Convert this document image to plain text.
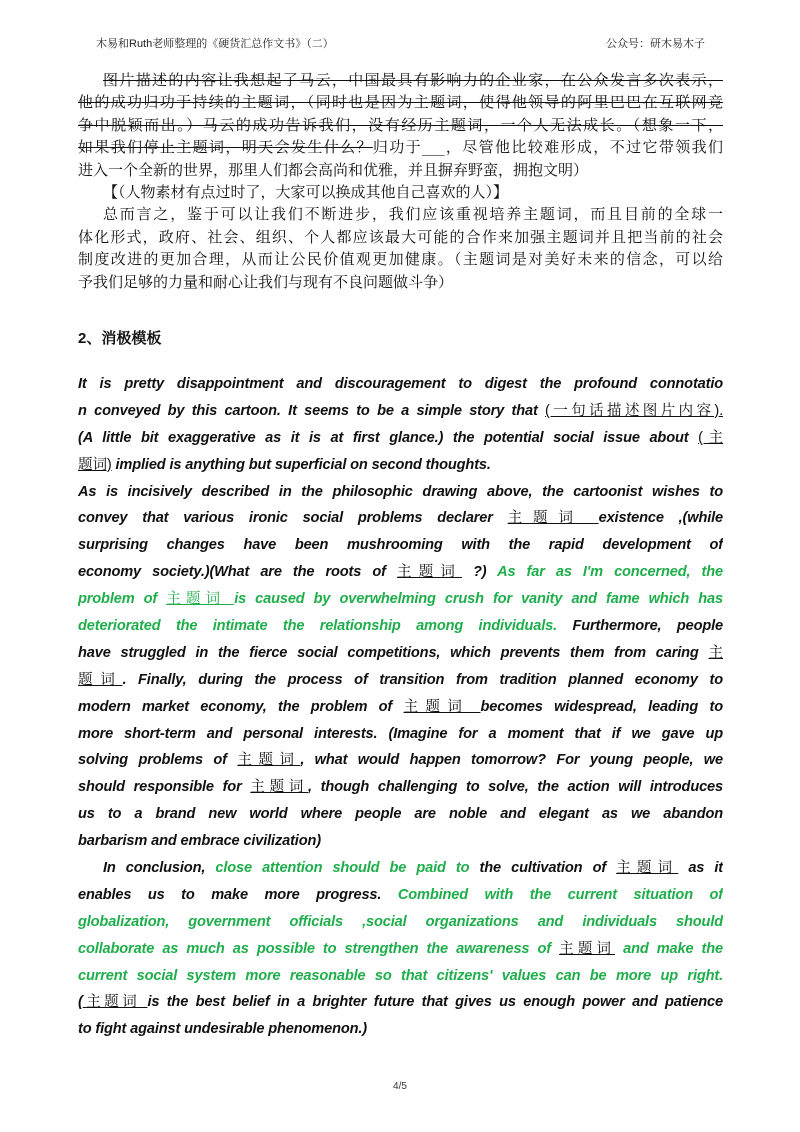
木易和Ruth老师整理的《硬货汇总作文书》（二）	公众号：研木易木子
图片描述的内容让我想起了马云，中国最具有影响力的企业家，在公众发言多次表示，
他的成功归功于持续的主题词，（同时也是因为主题词，使得他领导的阿里巴巴在互联网竞
争中脱颖而出。）马云的成功告诉我们，没有经历主题词，一个人无法成长。（想象一下，
如果我们停止主题词，明天会发生什么？归功于___，尽管他比较难形成，不过它带领我们
进入一个全新的世界，那里人们都会高尚和优雅，并且摒弃野蛮，拥抱文明）
【（人物素材有点过时了，大家可以换成其他自己喜欢的人）】
总而言之，鉴于可以让我们不断进步，我们应该重视培养主题词，而且目前的全球一
体化形式，政府、社会、组织、个人都应该最大可能的合作来加强主题词并且把当前的社会
制度改进的更加合理，从而让公民价值观更加健康。（主题词是对美好未来的信念，可以给
予我们足够的力量和耐心让我们与现有不良问题做斗争）
2、消极模板
It is pretty disappointment and discouragement to digest the profound connotatio
n conveyed by this cartoon. It seems to be a simple story that (一句话描述图片内容).
(A little bit exaggerative as it is at first glance.) the potential social issue about (主
题词) implied is anything but superficial on second thoughts.
As is incisively described in the philosophic drawing above, the cartoonist wishes to
convey that various ironic social problems declarer 主题词 existence ,(while
surprising changes have been mushrooming with the rapid development of
economy society.)(What are the roots of 主题词 ?) As far as I'm concerned, the
problem of 主题词 is caused by overwhelming crush for vanity and fame which has
deteriorated the intimate the relationship among individuals. Furthermore, people
have struggled in the fierce social competitions, which prevents them from caring 主
题词. Finally, during the process of transition from tradition planned economy to
modern market economy, the problem of 主题词 becomes widespread, leading to
more short-term and personal interests. (Imagine for a moment that if we gave up
solving problems of 主题词, what would happen tomorrow? For young people, we
should responsible for 主题词, though challenging to solve, the action will introduces
us to a brand new world where people are noble and elegant as we abandon
barbarism and embrace civilization)
In conclusion, close attention should be paid to the cultivation of 主题词 as it
enables us to make more progress. Combined with the current situation of
globalization, government officials ,social organizations and individuals should
collaborate as much as possible to strengthen the awareness of 主题词 and make the
current social system more reasonable so that citizens' values can be more up right.
(主题词 is the best belief in a brighter future that gives us enough power and patience
to fight against undesirable phenomenon.)
4/5
